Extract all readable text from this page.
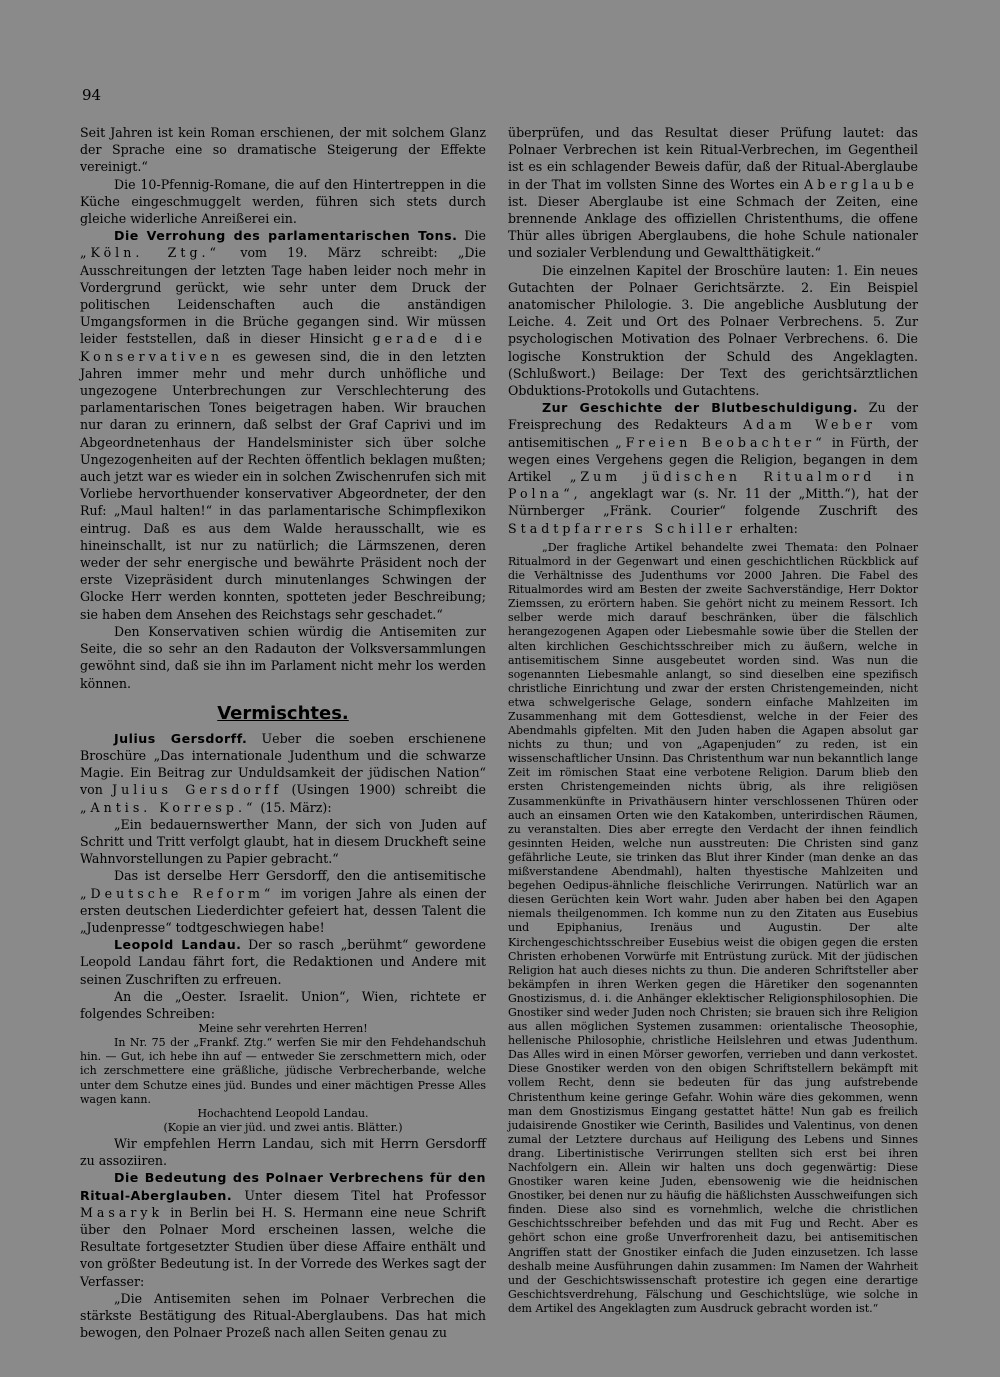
94

Seit Jahren ist kein Roman erschienen, der mit solchem Glanz der Sprache eine so dramatische Steigerung der Effekte vereinigt.“

Die 10-Pfennig-Romane, die auf den Hintertreppen in die Küche eingeschmuggelt werden, führen sich stets durch gleiche widerliche Anreißerei ein.

Die Verrohung des parlamentarischen Tons. Die „Köln. Ztg.“ vom 19. März schreibt: „Die Ausschreitungen der letzten Tage haben leider noch mehr in Vordergrund gerückt, wie sehr unter dem Druck der politischen Leidenschaften auch die anständigen Umgangsformen in die Brüche gegangen sind. Wir müssen leider feststellen, daß in dieser Hinsicht gerade die Konservativen es gewesen sind, die in den letzten Jahren immer mehr und mehr durch unhöfliche und ungezogene Unterbrechungen zur Verschlechterung des parlamentarischen Tones beigetragen haben. Wir brauchen nur daran zu erinnern, daß selbst der Graf Caprivi und im Abgeordnetenhaus der Handelsminister sich über solche Ungezogenheiten auf der Rechten öffentlich beklagen mußten; auch jetzt war es wieder ein in solchen Zwischenrufen sich mit Vorliebe hervorthuender konservativer Abgeordneter, der den Ruf: „Maul halten!“ in das parlamentarische Schimpflexikon eintrug. Daß es aus dem Walde herausschallt, wie es hineinschallt, ist nur zu natürlich; die Lärmszenen, deren weder der sehr energische und bewährte Präsident noch der erste Vizepräsident durch minutenlanges Schwingen der Glocke Herr werden konnten, spotteten jeder Beschreibung; sie haben dem Ansehen des Reichstags sehr geschadet.“

Den Konservativen schien würdig die Antisemiten zur Seite, die so sehr an den Radauton der Volksversammlungen gewöhnt sind, daß sie ihn im Parlament nicht mehr los werden können.

Vermischtes.

Julius Gersdorff. Ueber die soeben erschienene Broschüre „Das internationale Judenthum und die schwarze Magie. Ein Beitrag zur Unduldsamkeit der jüdischen Nation“ von Julius Gersdorff (Usingen 1900) schreibt die „Antis. Korresp.“ (15. März):

„Ein bedauernswerther Mann, der sich von Juden auf Schritt und Tritt verfolgt glaubt, hat in diesem Druckheft seine Wahnvorstellungen zu Papier gebracht.“

Das ist derselbe Herr Gersdorff, den die antisemitische „Deutsche Reform“ im vorigen Jahre als einen der ersten deutschen Liederdichter gefeiert hat, dessen Talent die „Judenpresse“ todtgeschwiegen habe!

Leopold Landau. Der so rasch „berühmt“ gewordene Leopold Landau fährt fort, die Redaktionen und Andere mit seinen Zuschriften zu erfreuen.

An die „Oester. Israelit. Union“, Wien, richtete er folgendes Schreiben:

Meine sehr verehrten Herren!

In Nr. 75 der „Frankf. Ztg.“ werfen Sie mir den Fehdehandschuh hin. — Gut, ich hebe ihn auf — entweder Sie zerschmettern mich, oder ich zerschmettere eine gräßliche, jüdische Verbrecherbande, welche unter dem Schutze eines jüd. Bundes und einer mächtigen Presse Alles wagen kann.

Hochachtend Leopold Landau.

(Kopie an vier jüd. und zwei antis. Blätter.)

Wir empfehlen Herrn Landau, sich mit Herrn Gersdorff zu assoziiren.

Die Bedeutung des Polnaer Verbrechens für den Ritual-Aberglauben. Unter diesem Titel hat Professor Masaryk in Berlin bei H. S. Hermann eine neue Schrift über den Polnaer Mord erscheinen lassen, welche die Resultate fortgesetzter Studien über diese Affaire enthält und von größter Bedeutung ist. In der Vorrede des Werkes sagt der Verfasser:

„Die Antisemiten sehen im Polnaer Verbrechen die stärkste Bestätigung des Ritual-Aberglaubens. Das hat mich bewogen, den Polnaer Prozeß nach allen Seiten genau zu

überprüfen, und das Resultat dieser Prüfung lautet: das Polnaer Verbrechen ist kein Ritual-Verbrechen, im Gegentheil ist es ein schlagender Beweis dafür, daß der Ritual-Aberglaube in der That im vollsten Sinne des Wortes ein Aberglaube ist. Dieser Aberglaube ist eine Schmach der Zeiten, eine brennende Anklage des offiziellen Christenthums, die offene Thür alles übrigen Aberglaubens, die hohe Schule nationaler und sozialer Verblendung und Gewaltthätigkeit.“

Die einzelnen Kapitel der Broschüre lauten: 1. Ein neues Gutachten der Polnaer Gerichtsärzte. 2. Ein Beispiel anatomischer Philologie. 3. Die angebliche Ausblutung der Leiche. 4. Zeit und Ort des Polnaer Verbrechens. 5. Zur psychologischen Motivation des Polnaer Verbrechens. 6. Die logische Konstruktion der Schuld des Angeklagten. (Schlußwort.) Beilage: Der Text des gerichtsärztlichen Obduktions-Protokolls und Gutachtens.

Zur Geschichte der Blutbeschuldigung. Zu der Freisprechung des Redakteurs Adam Weber vom antisemitischen „Freien Beobachter“ in Fürth, der wegen eines Vergehens gegen die Religion, begangen in dem Artikel „Zum jüdischen Ritualmord in Polna“, angeklagt war (s. Nr. 11 der „Mitth.“), hat der Nürnberger „Fränk. Courier“ folgende Zuschrift des Stadtpfarrers Schiller erhalten:

„Der fragliche Artikel behandelte zwei Themata: den Polnaer Ritualmord in der Gegenwart und einen geschichtlichen Rückblick auf die Verhältnisse des Judenthums vor 2000 Jahren. Die Fabel des Ritualmordes wird am Besten der zweite Sachverständige, Herr Doktor Ziemssen, zu erörtern haben. Sie gehört nicht zu meinem Ressort. Ich selber werde mich darauf beschränken, über die fälschlich herangezogenen Agapen oder Liebesmahle sowie über die Stellen der alten kirchlichen Geschichtsschreiber mich zu äußern, welche in antisemitischem Sinne ausgebeutet worden sind. Was nun die sogenannten Liebesmahle anlangt, so sind dieselben eine spezifisch christliche Einrichtung und zwar der ersten Christengemeinden, nicht etwa schwelgerische Gelage, sondern einfache Mahlzeiten im Zusammenhang mit dem Gottesdienst, welche in der Feier des Abendmahls gipfelten. Mit den Juden haben die Agapen absolut gar nichts zu thun; und von „Agapenjuden“ zu reden, ist ein wissenschaftlicher Unsinn. Das Christenthum war nun bekanntlich lange Zeit im römischen Staat eine verbotene Religion. Darum blieb den ersten Christengemeinden nichts übrig, als ihre religiösen Zusammenkünfte in Privathäusern hinter verschlossenen Thüren oder auch an einsamen Orten wie den Katakomben, unterirdischen Räumen, zu veranstalten. Dies aber erregte den Verdacht der ihnen feindlich gesinnten Heiden, welche nun ausstreuten: Die Christen sind ganz gefährliche Leute, sie trinken das Blut ihrer Kinder (man denke an das mißverstandene Abendmahl), halten thyestische Mahlzeiten und begehen Oedipus-ähnliche fleischliche Verirrungen. Natürlich war an diesen Gerüchten kein Wort wahr. Juden aber haben bei den Agapen niemals theilgenommen. Ich komme nun zu den Zitaten aus Eusebius und Epiphanius, Irenäus und Augustin. Der alte Kirchengeschichtsschreiber Eusebius weist die obigen gegen die ersten Christen erhobenen Vorwürfe mit Entrüstung zurück. Mit der jüdischen Religion hat auch dieses nichts zu thun. Die anderen Schriftsteller aber bekämpfen in ihren Werken gegen die Häretiker den sogenannten Gnostizismus, d. i. die Anhänger eklektischer Religionsphilosophien. Die Gnostiker sind weder Juden noch Christen; sie brauen sich ihre Religion aus allen möglichen Systemen zusammen: orientalische Theosophie, hellenische Philosophie, christliche Heilslehren und etwas Judenthum. Das Alles wird in einen Mörser geworfen, verrieben und dann verkostet. Diese Gnostiker werden von den obigen Schriftstellern bekämpft mit vollem Recht, denn sie bedeuten für das jung aufstrebende Christenthum keine geringe Gefahr. Wohin wäre dies gekommen, wenn man dem Gnostizismus Eingang gestattet hätte! Nun gab es freilich judaisirende Gnostiker wie Cerinth, Basilides und Valentinus, von denen zumal der Letztere durchaus auf Heiligung des Lebens und Sinnes drang. Libertinistische Verirrungen stellten sich erst bei ihren Nachfolgern ein. Allein wir halten uns doch gegenwärtig: Diese Gnostiker waren keine Juden, ebensowenig wie die heidnischen Gnostiker, bei denen nur zu häufig die häßlichsten Ausschweifungen sich finden. Diese also sind es vornehmlich, welche die christlichen Geschichtsschreiber befehden und das mit Fug und Recht. Aber es gehört schon eine große Unverfrorenheit dazu, bei antisemitischen Angriffen statt der Gnostiker einfach die Juden einzusetzen. Ich lasse deshalb meine Ausführungen dahin zusammen: Im Namen der Wahrheit und der Geschichtswissenschaft protestire ich gegen eine derartige Geschichtsverdrehung, Fälschung und Geschichtslüge, wie solche in dem Artikel des Angeklagten zum Ausdruck gebracht worden ist.“
